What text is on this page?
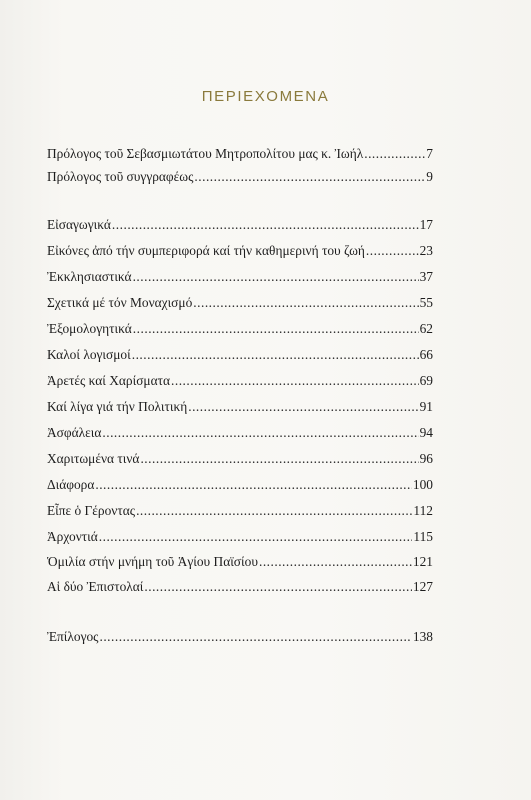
ΠΕΡΙΕΧΟΜΕΝΑ
Πρόλογος τοῦ Σεβασμιωτάτου Μητροπολίτου μας κ. Ἰωήλ .....	7
Πρόλογος τοῦ συγγραφέως .....	9
Εἰσαγωγικά .....	17
Εἰκόνες ἀπό τήν συμπεριφορά καί τήν καθημερινή του ζωή .....	23
Ἐκκλησιαστικά .....	37
Σχετικά μέ τόν Μοναχισμό .....	55
Ἐξομολογητικά .....	62
Καλοί λογισμοί .....	66
Ἀρετές καί Χαρίσματα .....	69
Καί λίγα γιά τήν Πολιτική .....	91
Ἀσφάλεια .....	94
Χαριτωμένα τινά .....	96
Διάφορα .....	100
Εἶπε ὁ Γέροντας .....	112
Ἀρχοντιά .....	115
Ὁμιλία στήν μνήμη τοῦ Ἁγίου Παϊσίου .....	121
Αἱ δύο Ἐπιστολαί .....	127
Ἐπίλογος .....	138
